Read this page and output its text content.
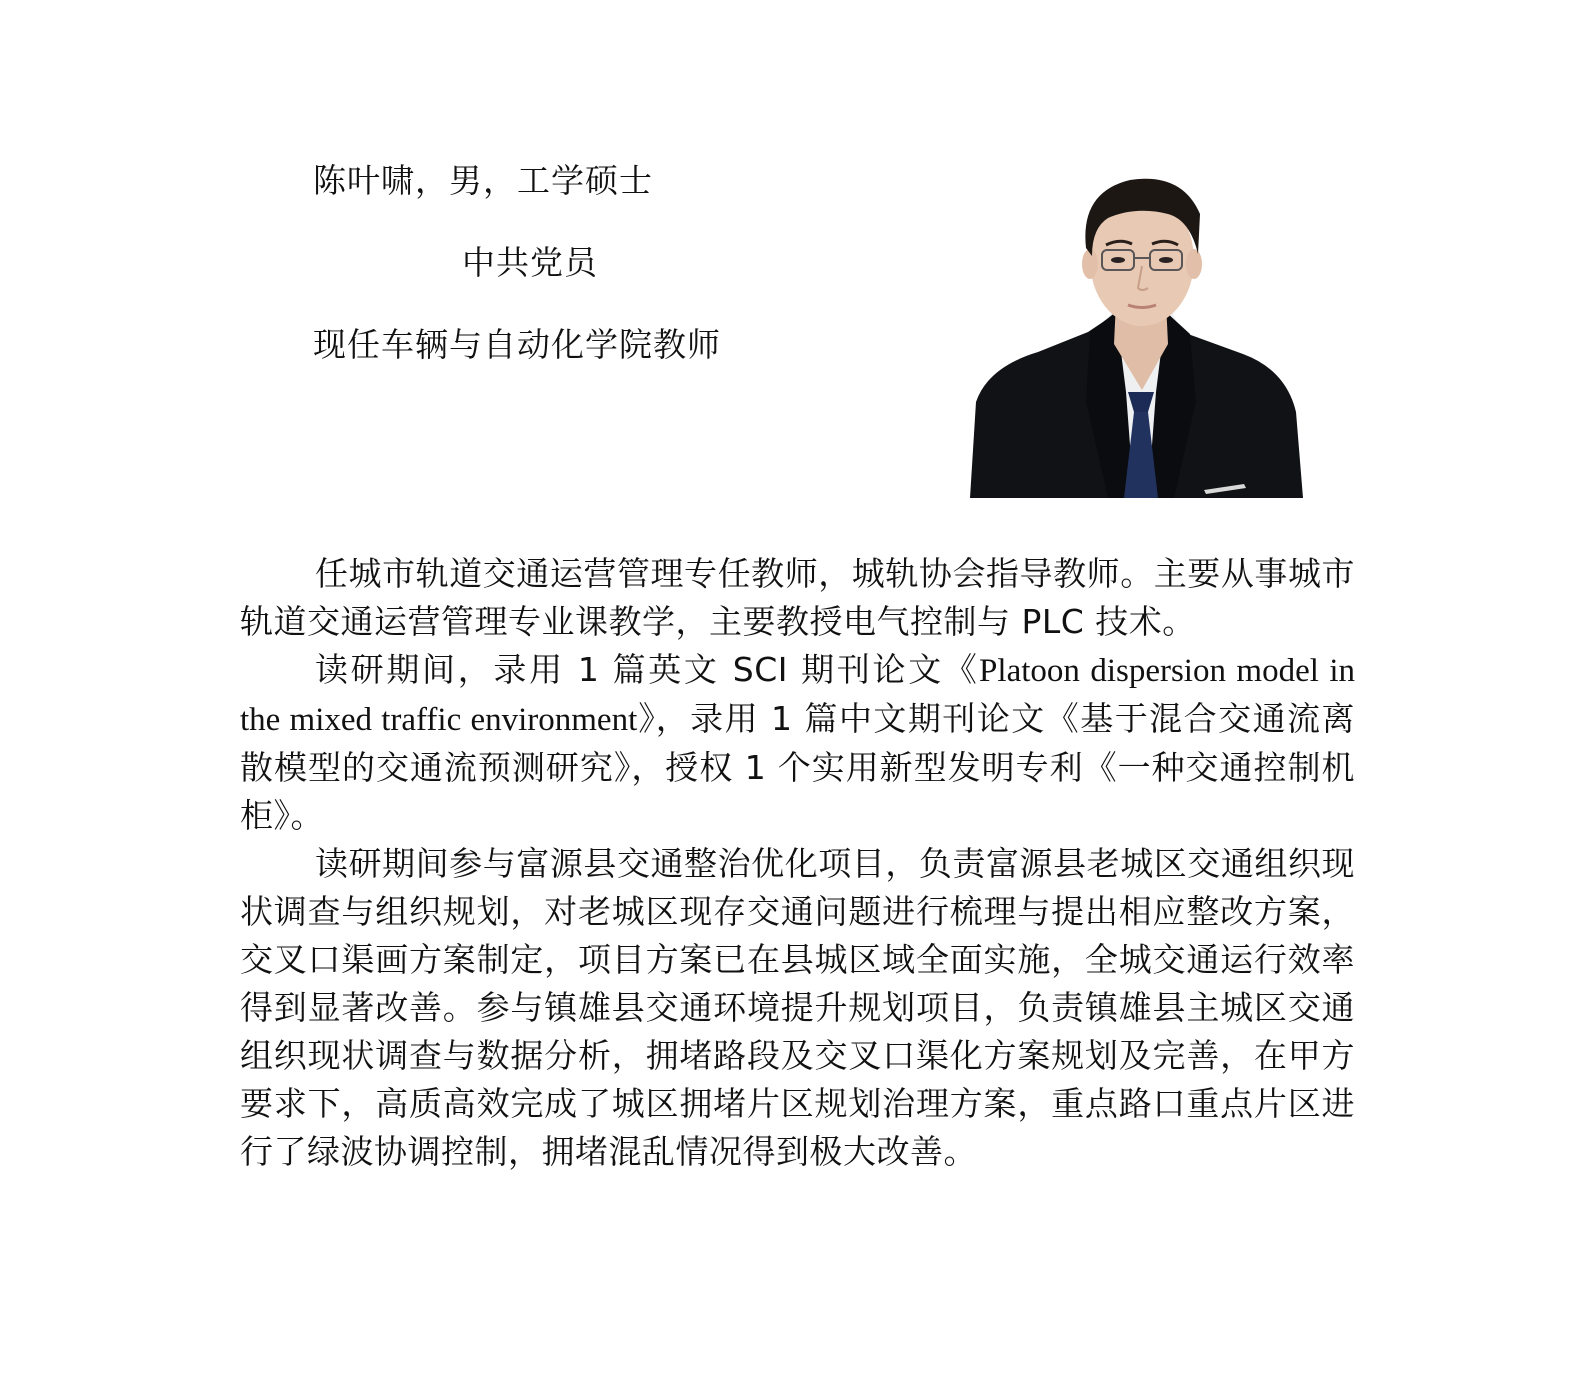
陈叶啸，男，工学硕士
中共党员
现任车辆与自动化学院教师

任城市轨道交通运营管理专任教师，城轨协会指导教师。主要从事城市轨道交通运营管理专业课教学，主要教授电气控制与 PLC 技术。

读研期间，录用 1 篇英文 SCI 期刊论文《Platoon dispersion model in the mixed traffic environment》，录用 1 篇中文期刊论文《基于混合交通流离散模型的交通流预测研究》，授权 1 个实用新型发明专利《一种交通控制机柜》。

读研期间参与富源县交通整治优化项目，负责富源县老城区交通组织现状调查与组织规划，对老城区现存交通问题进行梳理与提出相应整改方案，交叉口渠画方案制定，项目方案已在县城区域全面实施，全城交通运行效率得到显著改善。参与镇雄县交通环境提升规划项目，负责镇雄县主城区交通组织现状调查与数据分析，拥堵路段及交叉口渠化方案规划及完善，在甲方要求下，高质高效完成了城区拥堵片区规划治理方案，重点路口重点片区进行了绿波协调控制，拥堵混乱情况得到极大改善。
